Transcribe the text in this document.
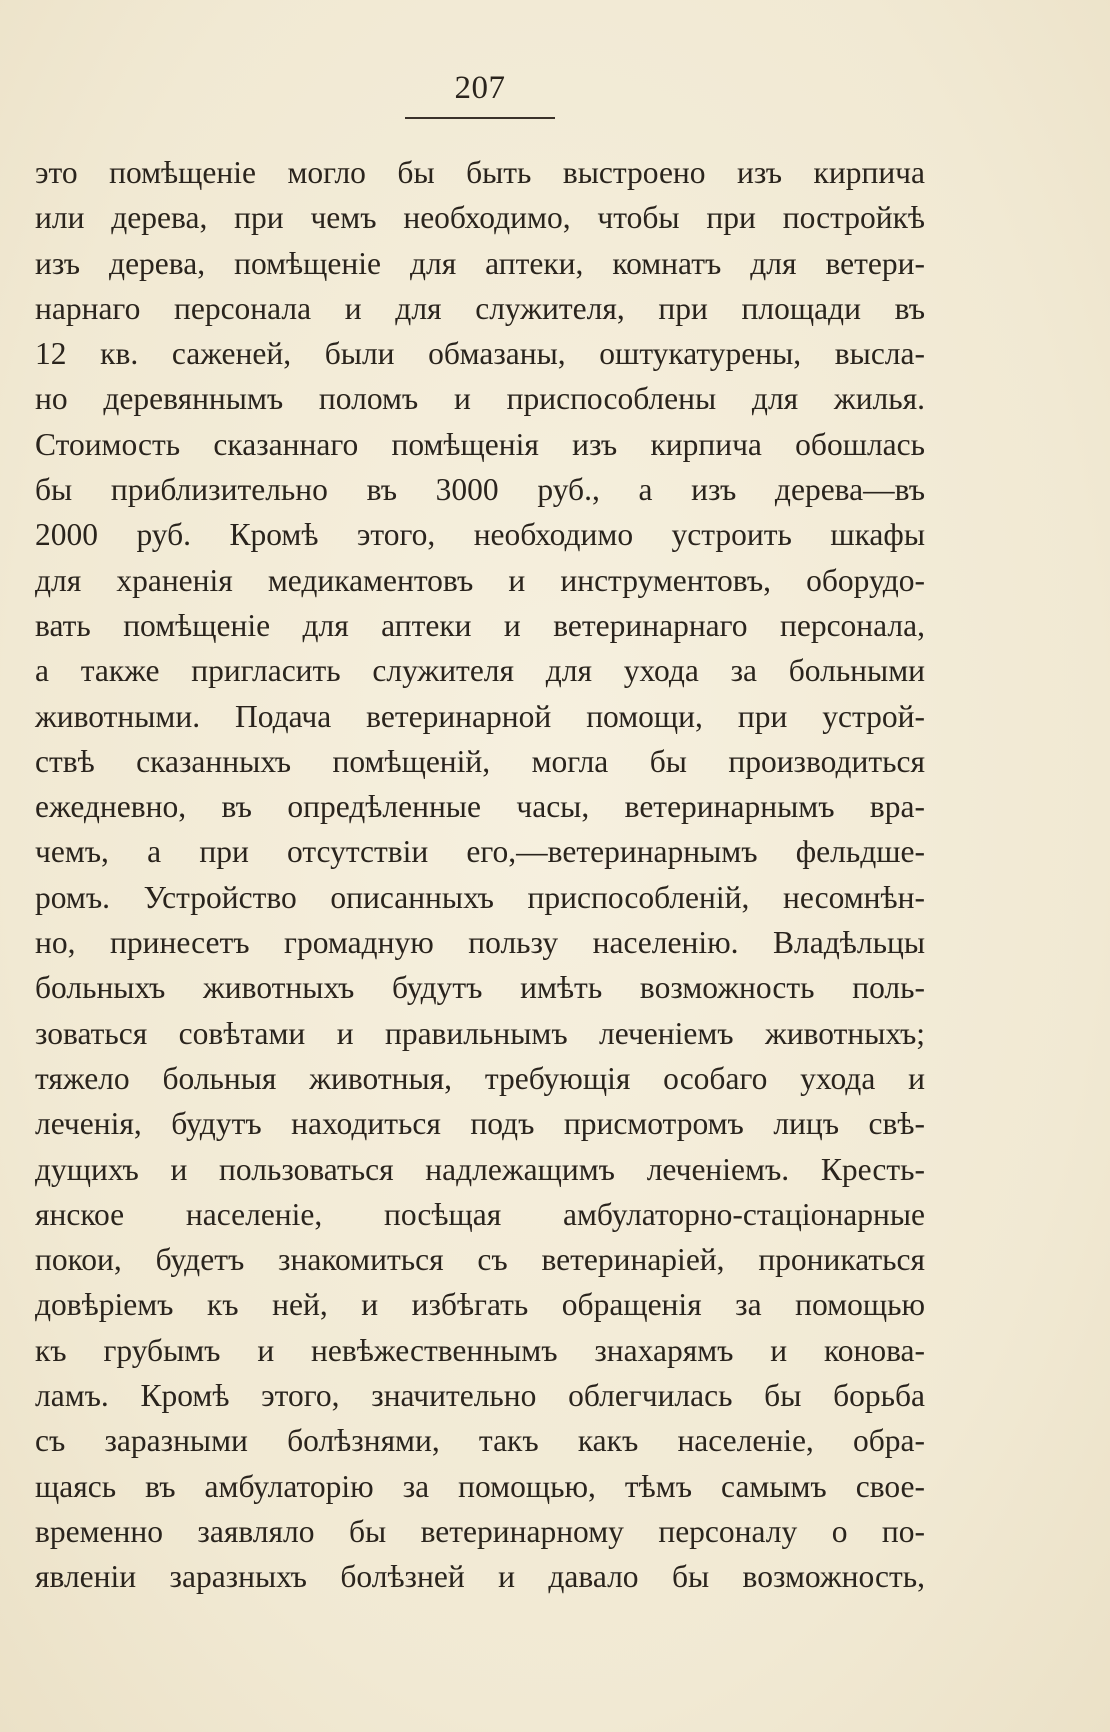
207
это помѣщеніе могло бы быть выстроено изъ кирпича
или дерева, при чемъ необходимо, чтобы при постройкѣ
изъ дерева, помѣщеніе для аптеки, комнатъ для ветери-
нарнаго персонала и для служителя, при площади въ
12 кв. саженей, были обмазаны, оштукатурены, высла-
но деревяннымъ поломъ и приспособлены для жилья.
Стоимость сказаннаго помѣщенія изъ кирпича обошлась
бы приблизительно въ 3000 руб., а изъ дерева—въ
2000 руб. Кромѣ этого, необходимо устроить шкафы
для храненія медикаментовъ и инструментовъ, оборудо-
вать помѣщеніе для аптеки и ветеринарнаго персонала,
а также пригласить служителя для ухода за больными
животными. Подача ветеринарной помощи, при устрой-
ствѣ сказанныхъ помѣщеній, могла бы производиться
ежедневно, въ опредѣленные часы, ветеринарнымъ вра-
чемъ, а при отсутствіи его,—ветеринарнымъ фельдше-
ромъ. Устройство описанныхъ приспособленій, несомнѣн-
но, принесетъ громадную пользу населенію. Владѣльцы
больныхъ животныхъ будутъ имѣть возможность поль-
зоваться совѣтами и правильнымъ леченіемъ животныхъ;
тяжело больныя животныя, требующія особаго ухода и
леченія, будутъ находиться подъ присмотромъ лицъ свѣ-
дущихъ и пользоваться надлежащимъ леченіемъ. Кресть-
янское населеніе, посѣщая амбулаторно-стаціонарные
покои, будетъ знакомиться съ ветеринаріей, проникаться
довѣріемъ къ ней, и избѣгать обращенія за помощью
къ грубымъ и невѣжественнымъ знахарямъ и конова-
ламъ. Кромѣ этого, значительно облегчилась бы борьба
съ заразными болѣзнями, такъ какъ населеніе, обра-
щаясь въ амбулаторію за помощью, тѣмъ самымъ свое-
временно заявляло бы ветеринарному персоналу о по-
явленіи заразныхъ болѣзней и давало бы возможность,
